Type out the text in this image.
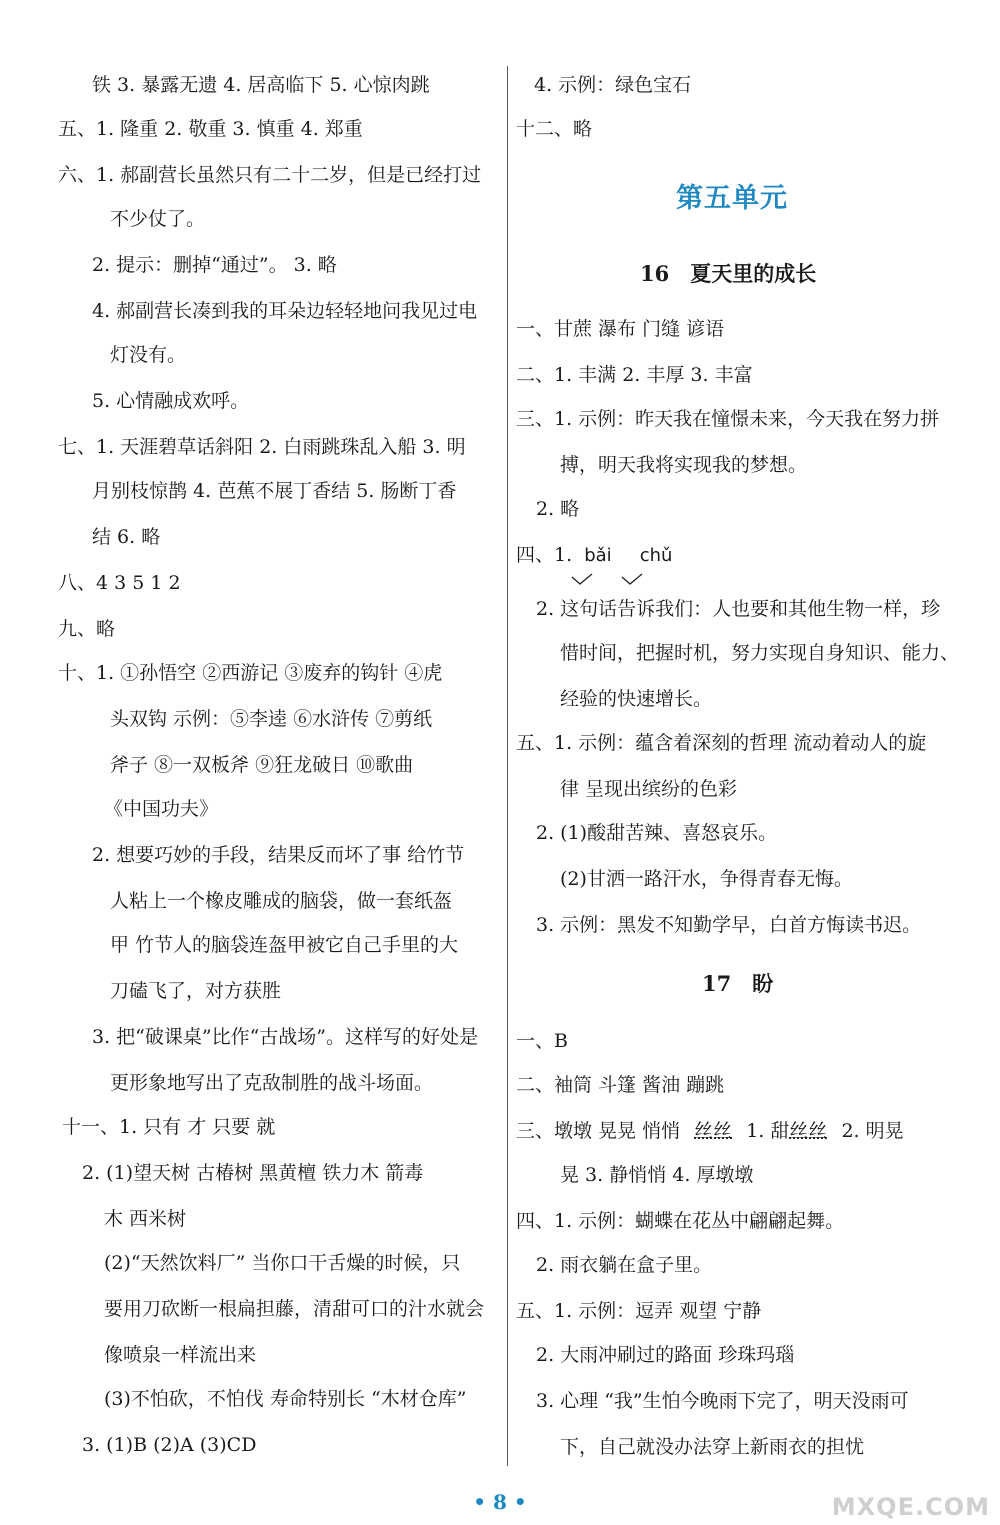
铁 3. 暴露无遗 4. 居高临下 5. 心惊肉跳
五、1. 隆重 2. 敬重 3. 慎重 4. 郑重
六、1. 郝副营长虽然只有二十二岁，但是已经打过
不少仗了。
2. 提示：删掉“通过”。 3. 略
4. 郝副营长凑到我的耳朵边轻轻地问我见过电
灯没有。
5. 心情融成欢呼。
七、1. 天涯碧草话斜阳 2. 白雨跳珠乱入船 3. 明
月别枝惊鹊 4. 芭蕉不展丁香结 5. 肠断丁香
结 6. 略
八、4 3 5 1 2
九、略
十、1. ①孙悟空 ②西游记 ③废弃的钩针 ④虎
头双钩 示例：⑤李逵 ⑥水浒传 ⑦剪纸
斧子 ⑧一双板斧 ⑨狂龙破日 ⑩歌曲
《中国功夫》
2. 想要巧妙的手段，结果反而坏了事 给竹节
人粘上一个橡皮雕成的脑袋，做一套纸盔
甲 竹节人的脑袋连盔甲被它自己手里的大
刀磕飞了，对方获胜
3. 把“破课桌”比作“古战场”。这样写的好处是
更形象地写出了克敌制胜的战斗场面。
十一、1. 只有 才 只要 就
2. (1)望天树 古椿树 黑黄檀 铁力木 箭毒
木 西米树
(2)“天然饮料厂” 当你口干舌燥的时候，只
要用刀砍断一根扁担藤，清甜可口的汁水就会
像喷泉一样流出来
(3)不怕砍，不怕伐 寿命特别长 “木材仓库”
3. (1)B (2)A (3)CD
4. 示例：绿色宝石
十二、略
第五单元
16　夏天里的成长
一、甘蔗 瀑布 门缝 谚语
二、1. 丰满 2. 丰厚 3. 丰富
三、1. 示例：昨天我在憧憬未来，今天我在努力拼
搏，明天我将实现我的梦想。
2. 略
四、1. bǎi chǔ
2. 这句话告诉我们：人也要和其他生物一样，珍
惜时间，把握时机，努力实现自身知识、能力、
经验的快速增长。
五、1. 示例：蕴含着深刻的哲理 流动着动人的旋
律 呈现出缤纷的色彩
2. (1)酸甜苦辣、喜怒哀乐。
(2)甘洒一路汗水，争得青春无悔。
3. 示例：黑发不知勤学早，白首方悔读书迟。
17　盼
一、B
二、袖筒 斗篷 酱油 蹦跳
三、墩墩 晃晃 悄悄 丝丝 1. 甜丝丝 2. 明晃
晃 3. 静悄悄 4. 厚墩墩
四、1. 示例：蝴蝶在花丛中翩翩起舞。
2. 雨衣躺在盒子里。
五、1. 示例：逗弄 观望 宁静
2. 大雨冲刷过的路面 珍珠玛瑙
3. 心理 “我”生怕今晚雨下完了，明天没雨可
下，自己就没办法穿上新雨衣的担忧
• 8 •	MXQE.COM
